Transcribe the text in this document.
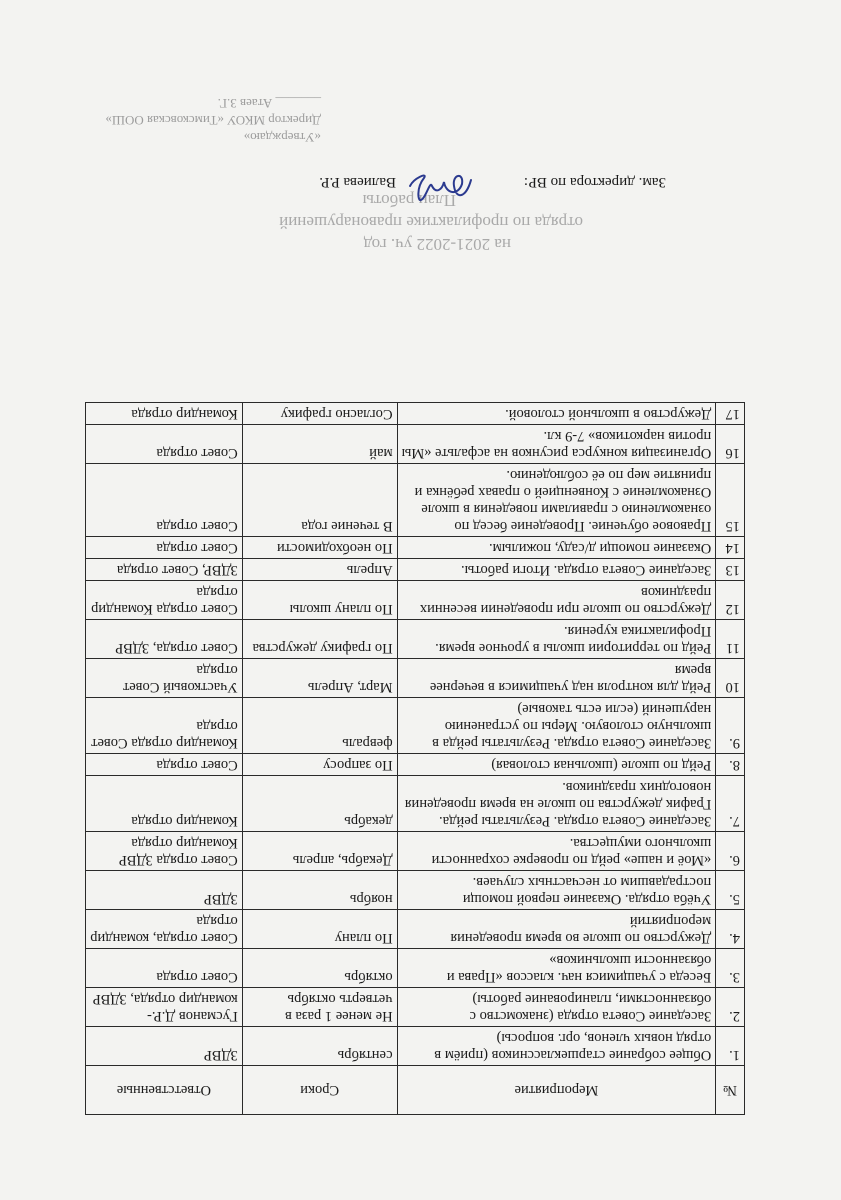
«Утверждаю»
Директор МКОУ «Тимсковская ООШ»
_______ Атаев З.Г.
План работы
отряда по профилактике правонарушений
на 2021-2022 уч. год
Зам. директора по ВР:
Валиева Р.Р.
№	Мероприятие	Сроки	Ответственные
1.	Общее собрание старшеклассников (приём в отряд новых членов, орг. вопросы)	сентябрь	ЗДВР
2.	Заседание Совета отряда (знакомство с обязанностями, планирование работы)	Не менее 1 раза в четверть октябрь	Гусманов Д.Р.-командир отряда, ЗДВР
3.	Беседа с учащимися нач. классов «Права и обязанности школьников»	октябрь	Совет отряда
4.	Дежурство по школе во время проведения мероприятий	По плану	Совет отряда, командир отряда
5.	Учёба отряда. Оказание первой помощи пострадавшим от несчастных случаев.	ноябрь	ЗДВР
6.	«Моё и наше» рейд по проверке сохранности школьного имущества.	Декабрь, апрель	Совет отряда ЗДВР Командир отряда
7.	Заседание Совета отряда. Результаты рейда. График дежурства по школе на время проведения новогодних праздников.	декабрь	Командир отряда
8.	Рейд по школе (школьная столовая)	По запросу	Совет отряда
9.	Заседание Совета отряда. Результаты рейда в школьную столовую. Меры по устранению нарушений (если есть таковые)	февраль	Командир отряда Совет отряда
10	Рейд для контроля над учащимися в вечернее время	Март, Апрель	Участковый Совет отряда
11	Рейд по территории школы в урочное время. Профилактика курения.	По графику дежурства	Совет отряда, ЗДВР
12	Дежурство по школе при проведении весенних праздников	По плану школы	Совет отряда Командир отряда
13	Заседание Совета отряда. Итоги работы.	Апрель	ЗДВР, Совет отряда
14	Оказание помощи д/саду, пожилым.	По необходимости	Совет отряда
15	Правовое обучение. Проведение бесед по ознакомлению с правилами поведения в школе Ознакомление с Конвенцией о правах ребёнка и принятие мер по её соблюдению.	В течение года	Совет отряда
16	Организация конкурса рисунков на асфальте «Мы против наркотиков» 7-9 кл.	май	Совет отряда
17	Дежурство в школьной столовой.	Согласно графику	Командир отряда
